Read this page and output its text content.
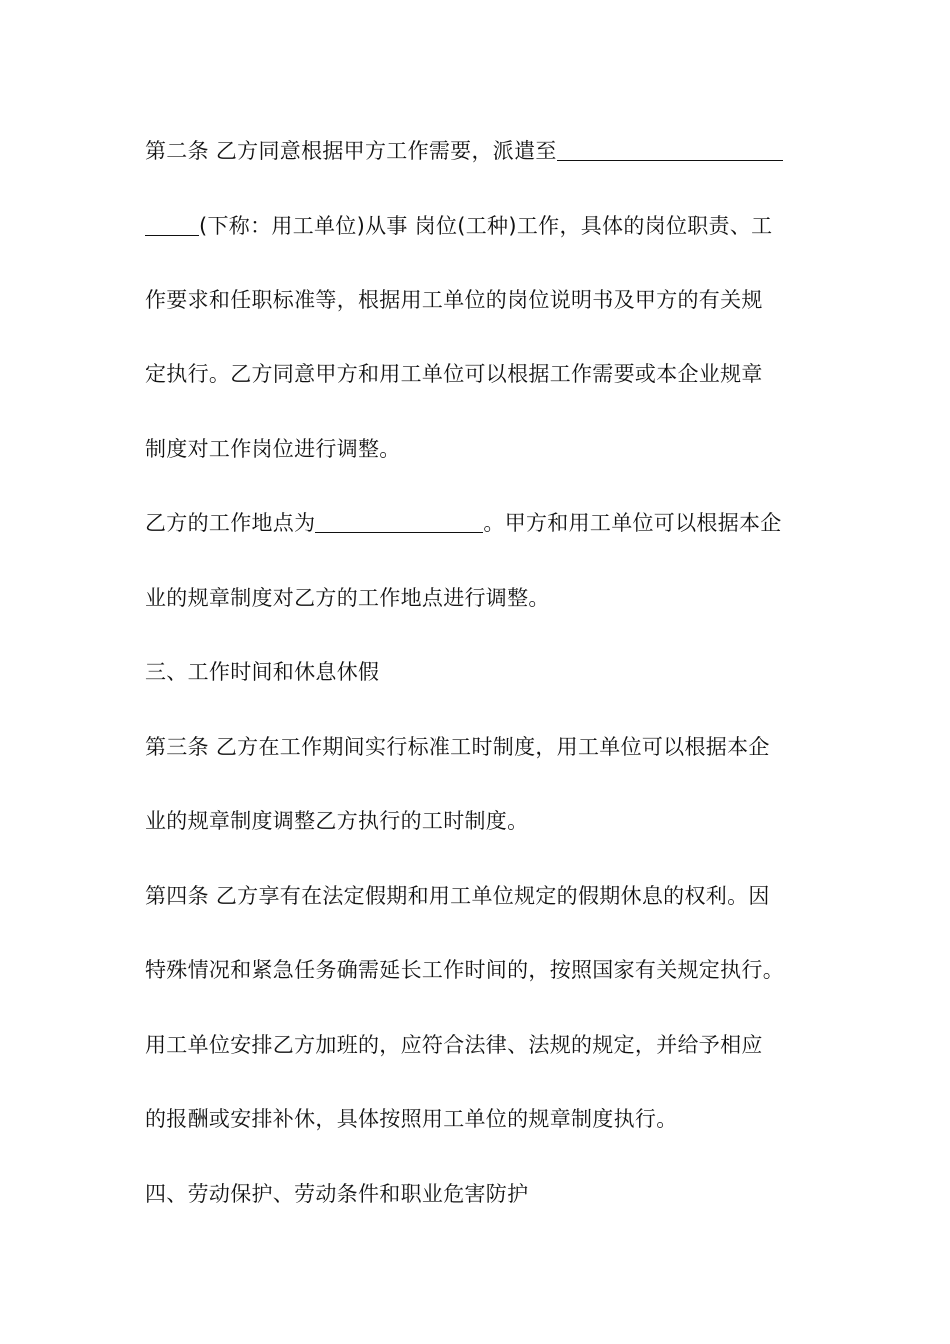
第二条 乙方同意根据甲方工作需要，派遣至
(下称：用工单位)从事 岗位(工种)工作，具体的岗位职责、工
作要求和任职标准等，根据用工单位的岗位说明书及甲方的有关规
定执行。乙方同意甲方和用工单位可以根据工作需要或本企业规章
制度对工作岗位进行调整。
乙方的工作地点为	。甲方和用工单位可以根据本企
业的规章制度对乙方的工作地点进行调整。
三、工作时间和休息休假
第三条 乙方在工作期间实行标准工时制度，用工单位可以根据本企
业的规章制度调整乙方执行的工时制度。
第四条 乙方享有在法定假期和用工单位规定的假期休息的权利。因
特殊情况和紧急任务确需延长工作时间的，按照国家有关规定执行。
用工单位安排乙方加班的，应符合法律、法规的规定，并给予相应
的报酬或安排补休，具体按照用工单位的规章制度执行。
四、劳动保护、劳动条件和职业危害防护
